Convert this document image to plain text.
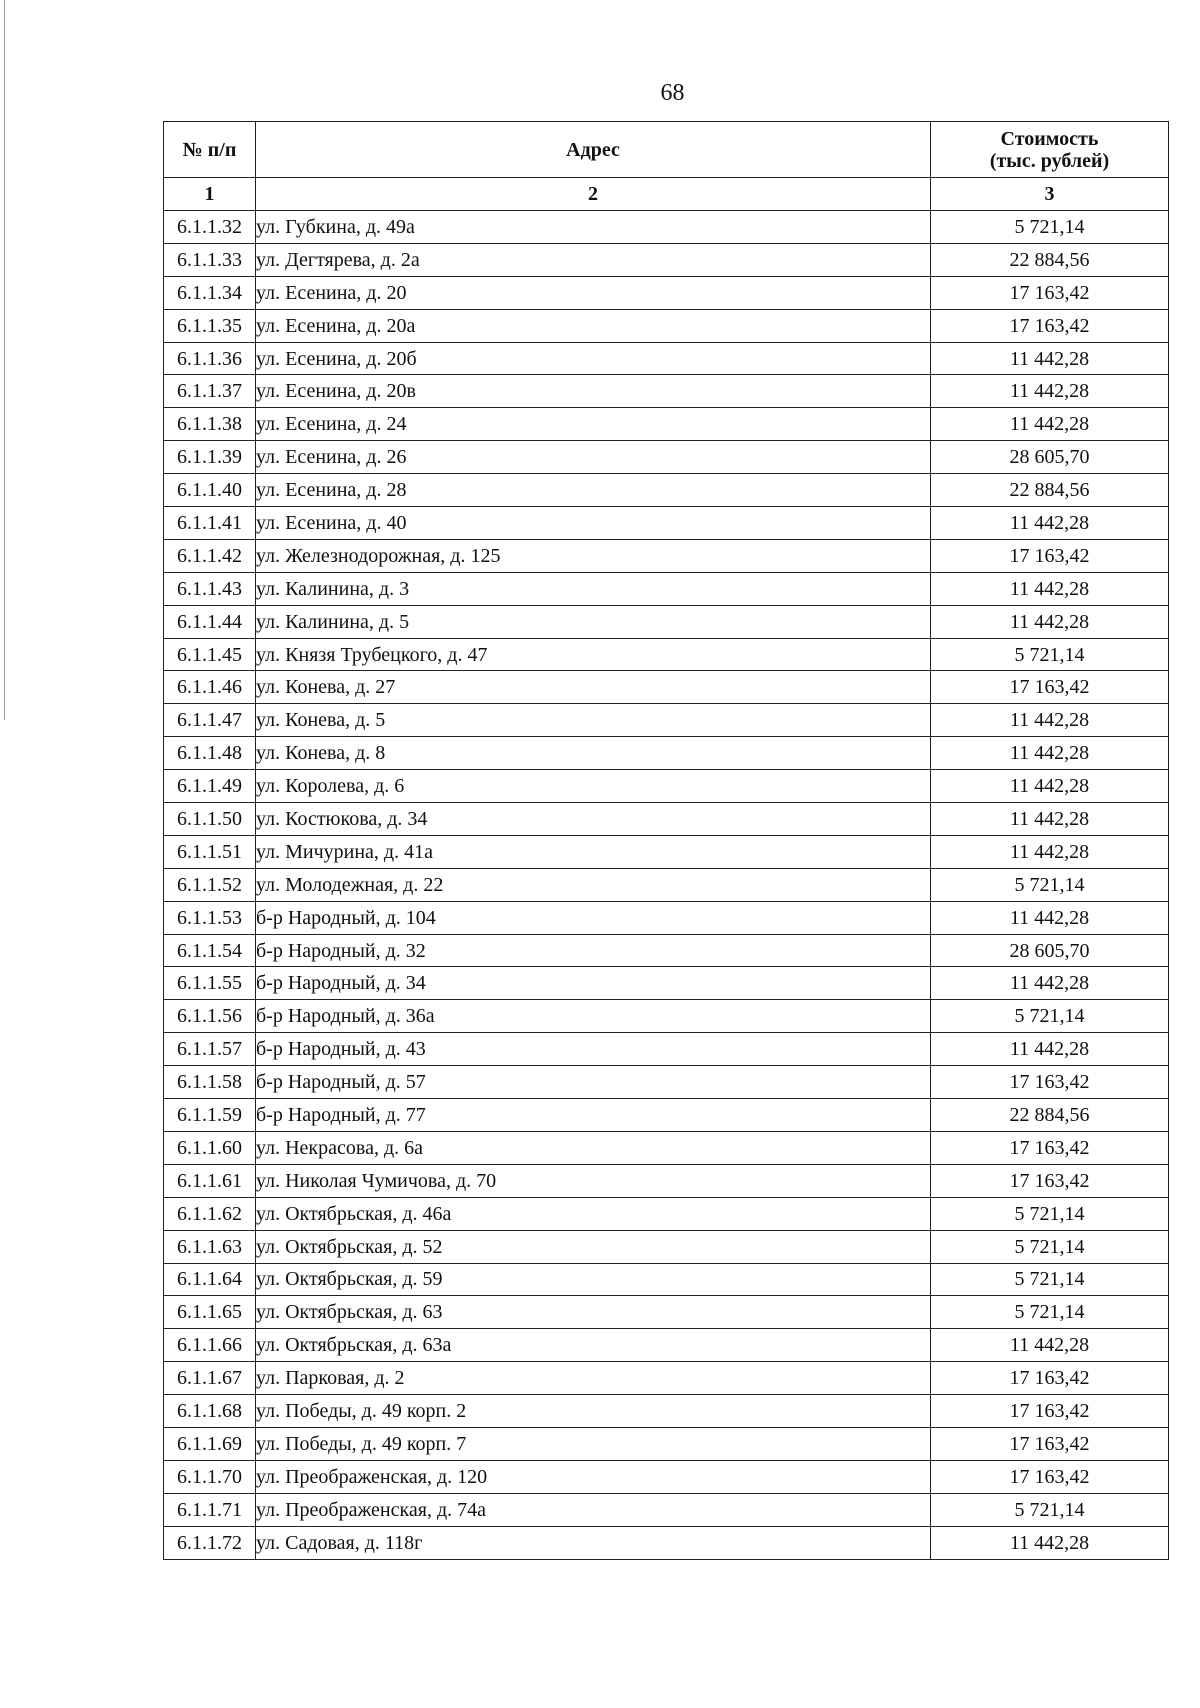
68
№ п/п	Адрес	Стоимость
(тыс. рублей)
1	2	3
6.1.1.32	ул. Губкина, д. 49а	5 721,14
6.1.1.33	ул. Дегтярева, д. 2а	22 884,56
6.1.1.34	ул. Есенина, д. 20	17 163,42
6.1.1.35	ул. Есенина, д. 20а	17 163,42
6.1.1.36	ул. Есенина, д. 20б	11 442,28
6.1.1.37	ул. Есенина, д. 20в	11 442,28
6.1.1.38	ул. Есенина, д. 24	11 442,28
6.1.1.39	ул. Есенина, д. 26	28 605,70
6.1.1.40	ул. Есенина, д. 28	22 884,56
6.1.1.41	ул. Есенина, д. 40	11 442,28
6.1.1.42	ул. Железнодорожная, д. 125	17 163,42
6.1.1.43	ул. Калинина, д. 3	11 442,28
6.1.1.44	ул. Калинина, д. 5	11 442,28
6.1.1.45	ул. Князя Трубецкого, д. 47	5 721,14
6.1.1.46	ул. Конева, д. 27	17 163,42
6.1.1.47	ул. Конева, д. 5	11 442,28
6.1.1.48	ул. Конева, д. 8	11 442,28
6.1.1.49	ул. Королева, д. 6	11 442,28
6.1.1.50	ул. Костюкова, д. 34	11 442,28
6.1.1.51	ул. Мичурина, д. 41а	11 442,28
6.1.1.52	ул. Молодежная, д. 22	5 721,14
6.1.1.53	б-р Народный, д. 104	11 442,28
6.1.1.54	б-р Народный, д. 32	28 605,70
6.1.1.55	б-р Народный, д. 34	11 442,28
6.1.1.56	б-р Народный, д. 36а	5 721,14
6.1.1.57	б-р Народный, д. 43	11 442,28
6.1.1.58	б-р Народный, д. 57	17 163,42
6.1.1.59	б-р Народный, д. 77	22 884,56
6.1.1.60	ул. Некрасова, д. 6а	17 163,42
6.1.1.61	ул. Николая Чумичова, д. 70	17 163,42
6.1.1.62	ул. Октябрьская, д. 46а	5 721,14
6.1.1.63	ул. Октябрьская, д. 52	5 721,14
6.1.1.64	ул. Октябрьская, д. 59	5 721,14
6.1.1.65	ул. Октябрьская, д. 63	5 721,14
6.1.1.66	ул. Октябрьская, д. 63а	11 442,28
6.1.1.67	ул. Парковая, д. 2	17 163,42
6.1.1.68	ул. Победы, д. 49 корп. 2	17 163,42
6.1.1.69	ул. Победы, д. 49 корп. 7	17 163,42
6.1.1.70	ул. Преображенская, д. 120	17 163,42
6.1.1.71	ул. Преображенская, д. 74а	5 721,14
6.1.1.72	ул. Садовая, д. 118г	11 442,28
